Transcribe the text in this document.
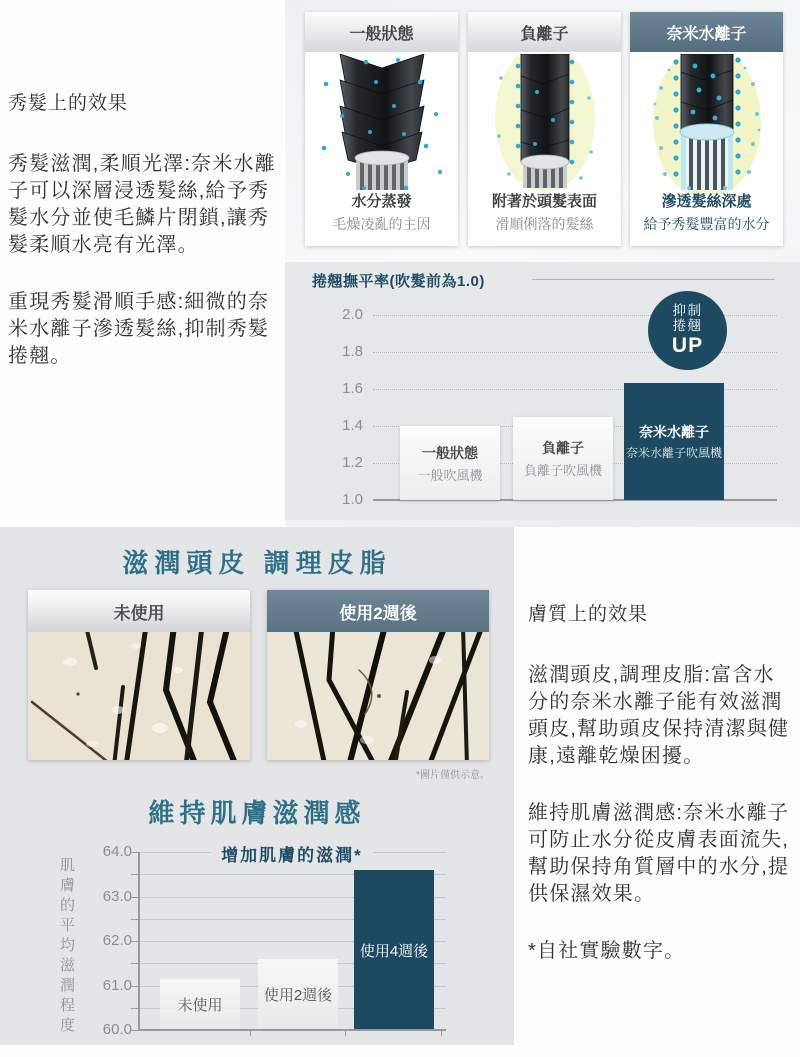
秀髮上的效果

秀髮滋潤,柔順光澤:奈米水離子可以深層浸透髮絲,給予秀髮水分並使毛鱗片閉鎖,讓秀髮柔順水亮有光澤。

重現秀髮滑順手感:細微的奈米水離子滲透髮絲,抑制秀髮捲翹。

一般狀態
水分蒸發
毛燥凌亂的主因
負離子
附著於頭髮表面
滑順俐落的髮絲
奈米水離子
滲透髮絲深處
給予秀髮豐富的水分
捲翹撫平率(吹髮前為1.0)
2.0
1.8
1.6
1.4
1.2
1.0
一般狀態
一般吹風機
負離子
負離子吹風機
奈米水離子
奈米水離子吹風機
抑制
捲翹
UP
滋潤頭皮 調理皮脂
未使用	使用2週後
*圖片僅供示意。
維持肌膚滋潤感
肌膚的平均滋潤程度
增加肌膚的滋潤*
64.0
63.0
62.0
61.0
60.0
未使用
使用2週後
使用4週後
膚質上的效果

滋潤頭皮,調理皮脂:富含水分的奈米水離子能有效滋潤頭皮,幫助頭皮保持清潔與健康,遠離乾燥困擾。

維持肌膚滋潤感:奈米水離子可防止水分從皮膚表面流失,幫助保持角質層中的水分,提供保濕效果。

*自社實驗數字。
